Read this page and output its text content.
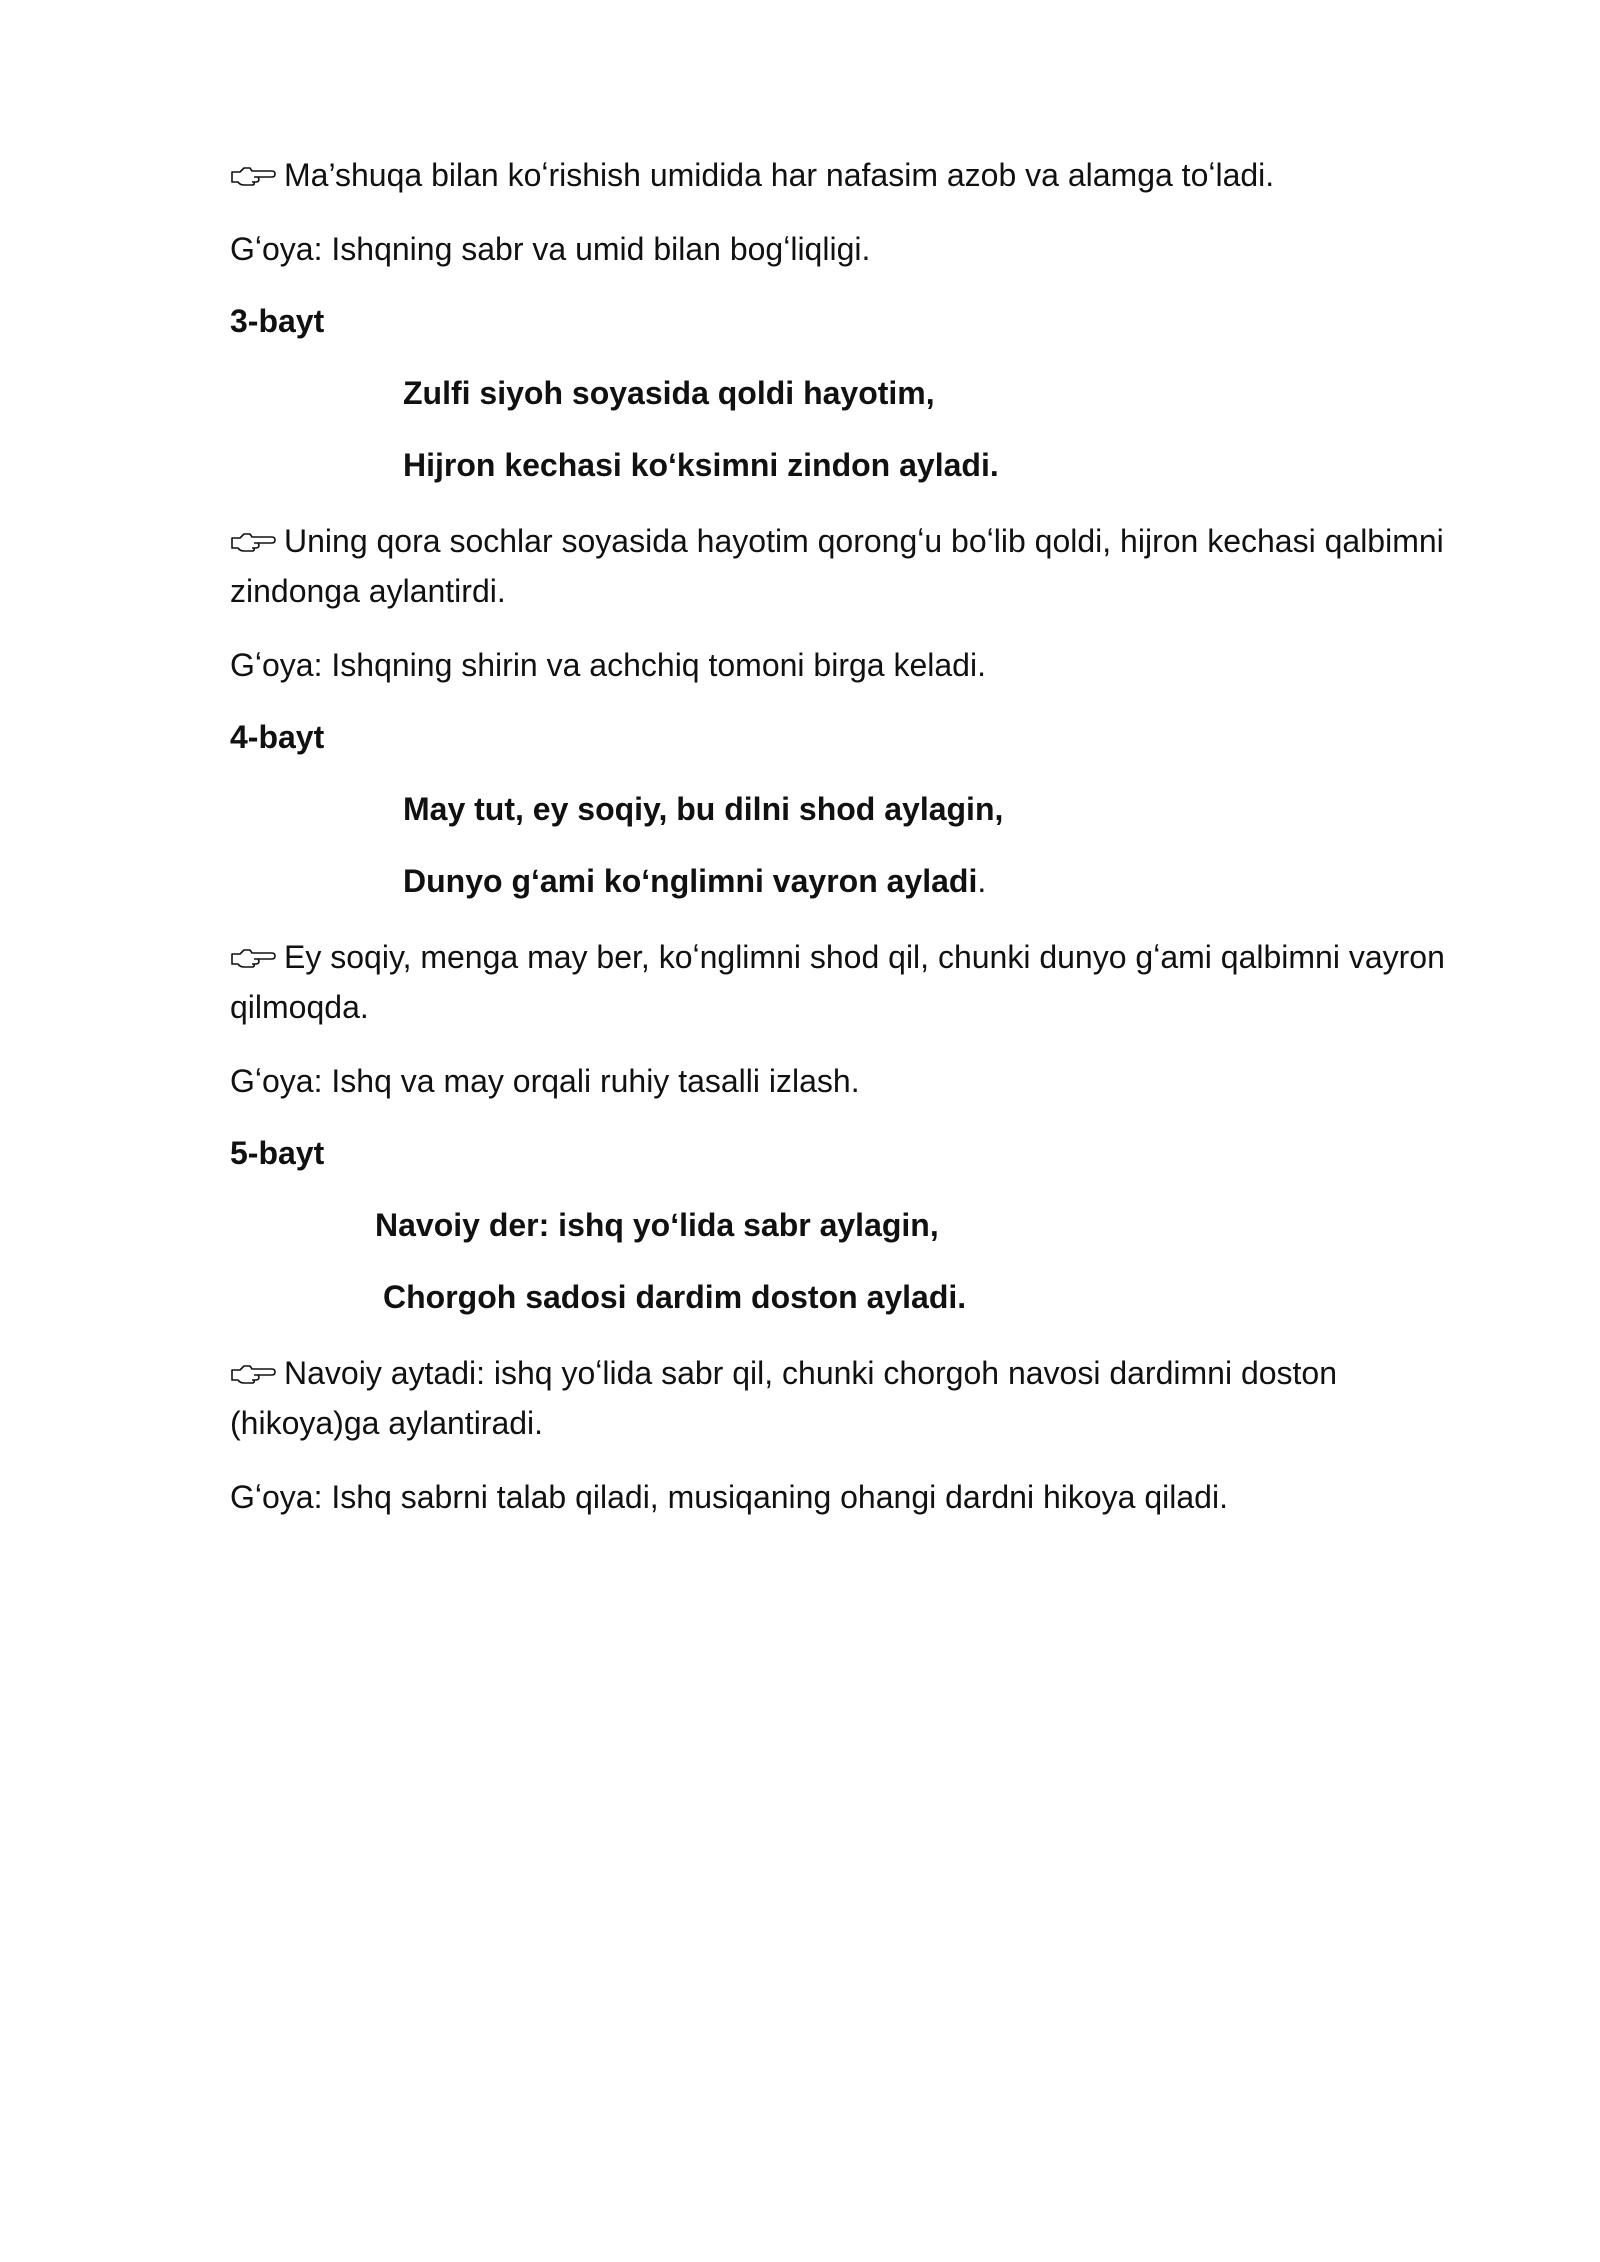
Ma’shuqa bilan koʻrishish umidida har nafasim azob va alamga toʻladi.

Gʻoya: Ishqning sabr va umid bilan bogʻliqligi.

3-bayt

Zulfi siyoh soyasida qoldi hayotim,

Hijron kechasi koʻksimni zindon ayladi.

Uning qora sochlar soyasida hayotim qorongʻu boʻlib qoldi, hijron kechasi qalbimni zindonga aylantirdi.

Gʻoya: Ishqning shirin va achchiq tomoni birga keladi.

4-bayt

May tut, ey soqiy, bu dilni shod aylagin,

Dunyo gʻami koʻnglimni vayron ayladi.

Ey soqiy, menga may ber, koʻnglimni shod qil, chunki dunyo gʻami qalbimni vayron qilmoqda.

Gʻoya: Ishq va may orqali ruhiy tasalli izlash.

5-bayt

Navoiy der: ishq yoʻlida sabr aylagin,

Chorgoh sadosi dardim doston ayladi.

Navoiy aytadi: ishq yoʻlida sabr qil, chunki chorgoh navosi dardimni doston (hikoya)ga aylantiradi.

Gʻoya: Ishq sabrni talab qiladi, musiqaning ohangi dardni hikoya qiladi.
